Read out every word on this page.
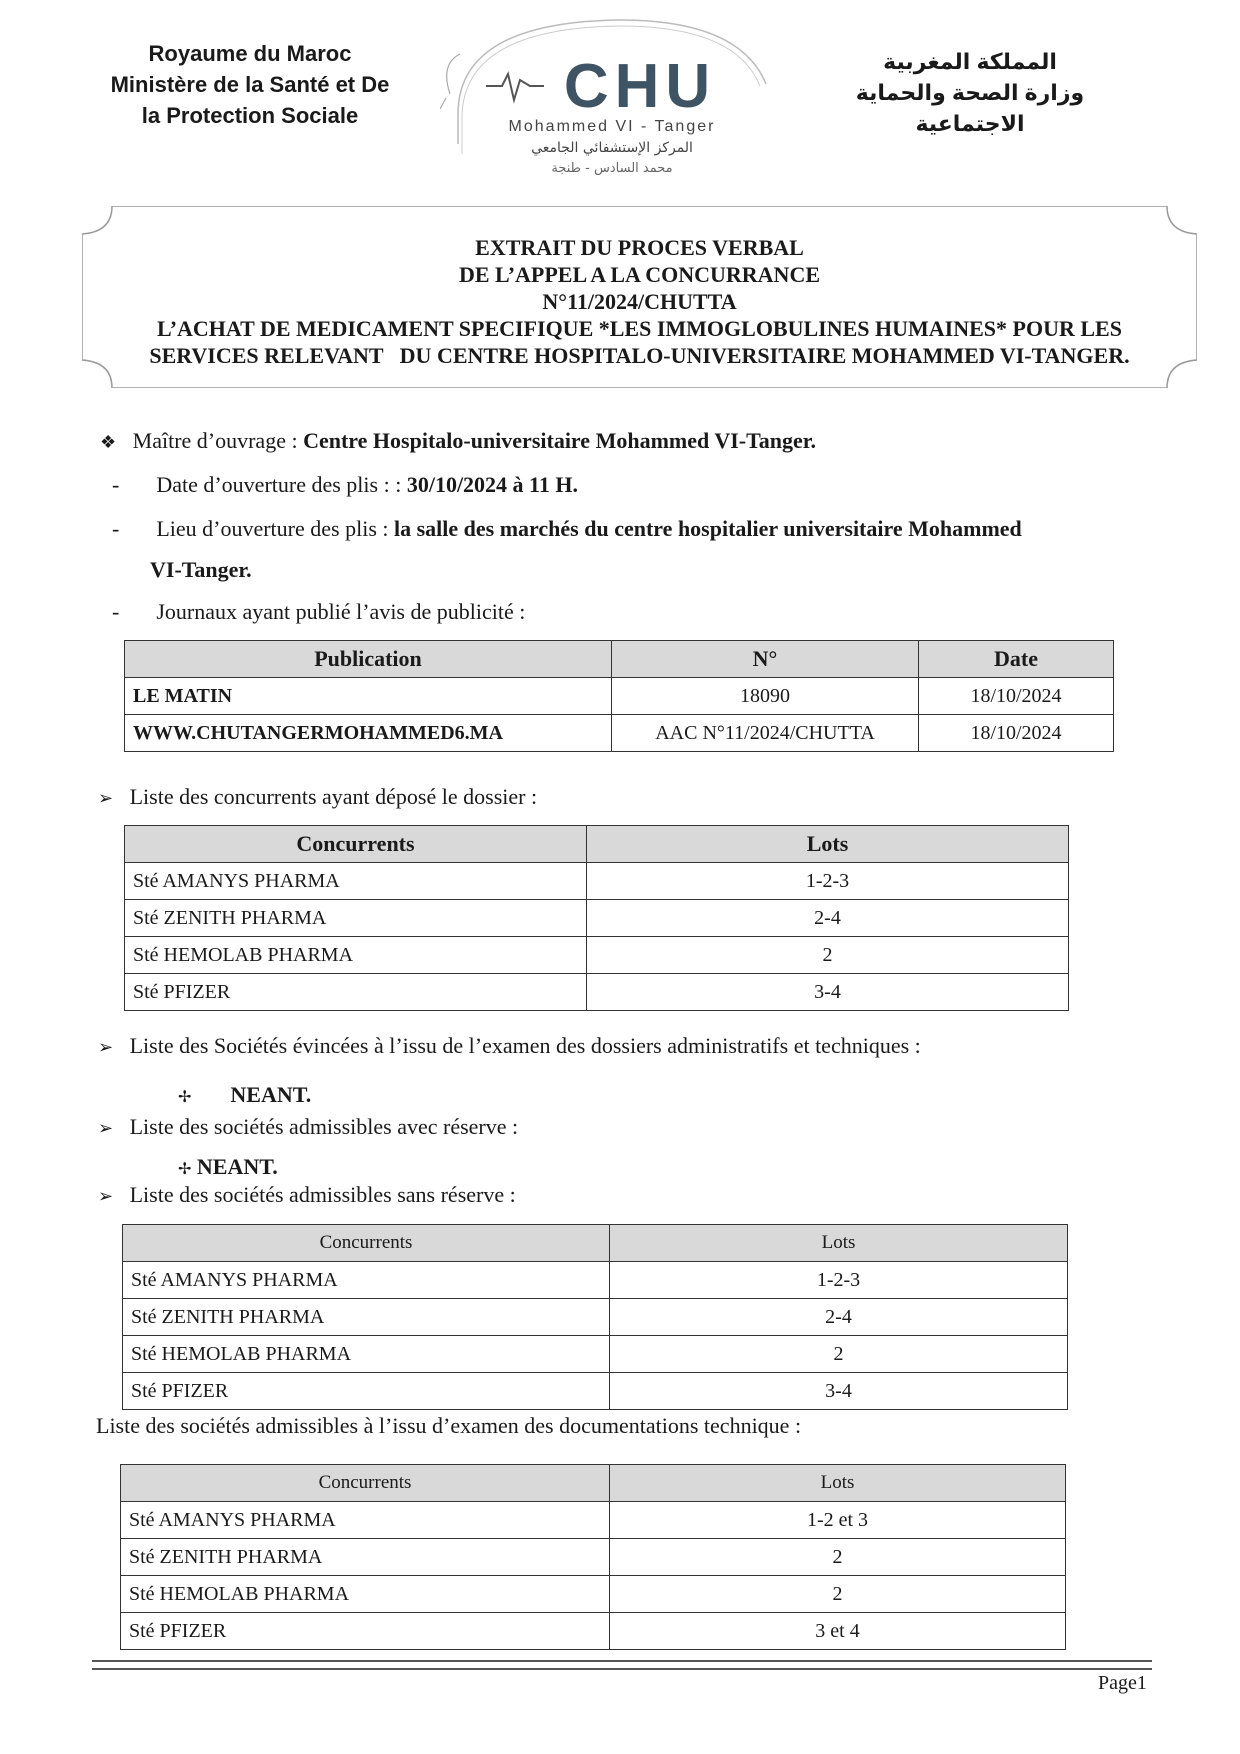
Royaume du Maroc
Ministère de la Santé et De
la Protection Sociale	CHU
Mohammed VI - Tanger
المركز الإستشفائي الجامعي
محمد السادس - طنجة
المملكة المغربية
وزارة الصحة والحماية
الاجتماعية
EXTRAIT DU PROCES VERBAL
DE L’APPEL A LA CONCURRANCE
N°11/2024/CHUTTA
L’ACHAT DE MEDICAMENT SPECIFIQUE *LES IMMOGLOBULINES HUMAINES* POUR LES
SERVICES RELEVANT   DU CENTRE HOSPITALO-UNIVERSITAIRE MOHAMMED VI-TANGER.
❖ Maître d’ouvrage : Centre Hospitalo-universitaire Mohammed VI-Tanger.
- Date d’ouverture des plis : : 30/10/2024 à 11 H.
- Lieu d’ouverture des plis : la salle des marchés du centre hospitalier universitaire Mohammed
VI-Tanger.
- Journaux ayant publié l’avis de publicité :
Publication	N°	Date
LE MATIN	18090	18/10/2024
WWW.CHUTANGERMOHAMMED6.MA	AAC N°11/2024/CHUTTA	18/10/2024
➢ Liste des concurrents ayant déposé le dossier :
Concurrents	Lots
Sté AMANYS PHARMA	1-2-3
Sté ZENITH PHARMA	2-4
Sté HEMOLAB PHARMA	2
Sté PFIZER	3-4
➢ Liste des Sociétés évincées à l’issu de l’examen des dossiers administratifs et techniques :
✢ NEANT.
➢ Liste des sociétés admissibles avec réserve :
✢ NEANT.
➢ Liste des sociétés admissibles sans réserve :
Concurrents	Lots
Sté AMANYS PHARMA	1-2-3
Sté ZENITH PHARMA	2-4
Sté HEMOLAB PHARMA	2
Sté PFIZER	3-4
Liste des sociétés admissibles à l’issu d’examen des documentations technique :
Concurrents	Lots
Sté AMANYS PHARMA	1-2 et 3
Sté ZENITH PHARMA	2
Sté HEMOLAB PHARMA	2
Sté PFIZER	3 et 4
Page1
